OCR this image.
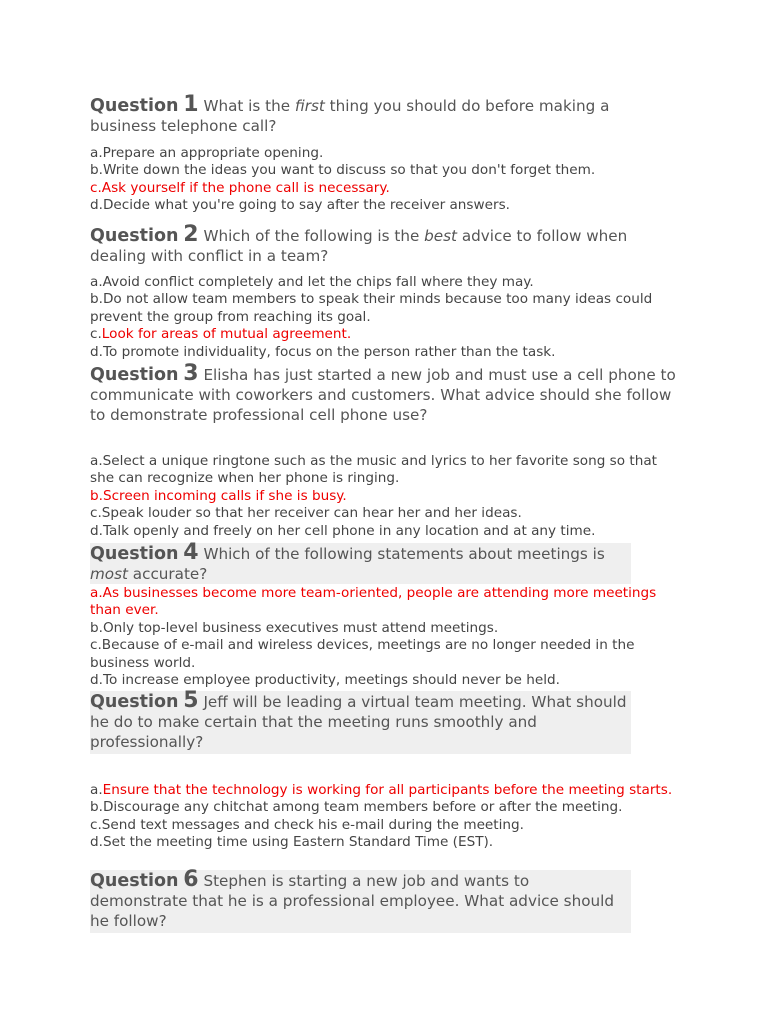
Question 1 What is the first thing you should do before making a business telephone call?
a.Prepare an appropriate opening.
b.Write down the ideas you want to discuss so that you don't forget them.
c.Ask yourself if the phone call is necessary.
d.Decide what you're going to say after the receiver answers.
Question 2 Which of the following is the best advice to follow when dealing with conflict in a team?
a.Avoid conflict completely and let the chips fall where they may.
b.Do not allow team members to speak their minds because too many ideas could prevent the group from reaching its goal.
c.Look for areas of mutual agreement.
d.To promote individuality, focus on the person rather than the task.
Question 3 Elisha has just started a new job and must use a cell phone to communicate with coworkers and customers. What advice should she follow to demonstrate professional cell phone use?
a.Select a unique ringtone such as the music and lyrics to her favorite song so that she can recognize when her phone is ringing.
b.Screen incoming calls if she is busy.
c.Speak louder so that her receiver can hear her and her ideas.
d.Talk openly and freely on her cell phone in any location and at any time.
Question 4 Which of the following statements about meetings is most accurate?
a.As businesses become more team-oriented, people are attending more meetings than ever.
b.Only top-level business executives must attend meetings.
c.Because of e-mail and wireless devices, meetings are no longer needed in the business world.
d.To increase employee productivity, meetings should never be held.
Question 5 Jeff will be leading a virtual team meeting. What should he do to make certain that the meeting runs smoothly and professionally?
a.Ensure that the technology is working for all participants before the meeting starts.
b.Discourage any chitchat among team members before or after the meeting.
c.Send text messages and check his e-mail during the meeting.
d.Set the meeting time using Eastern Standard Time (EST).
Question 6 Stephen is starting a new job and wants to demonstrate that he is a professional employee. What advice should he follow?
